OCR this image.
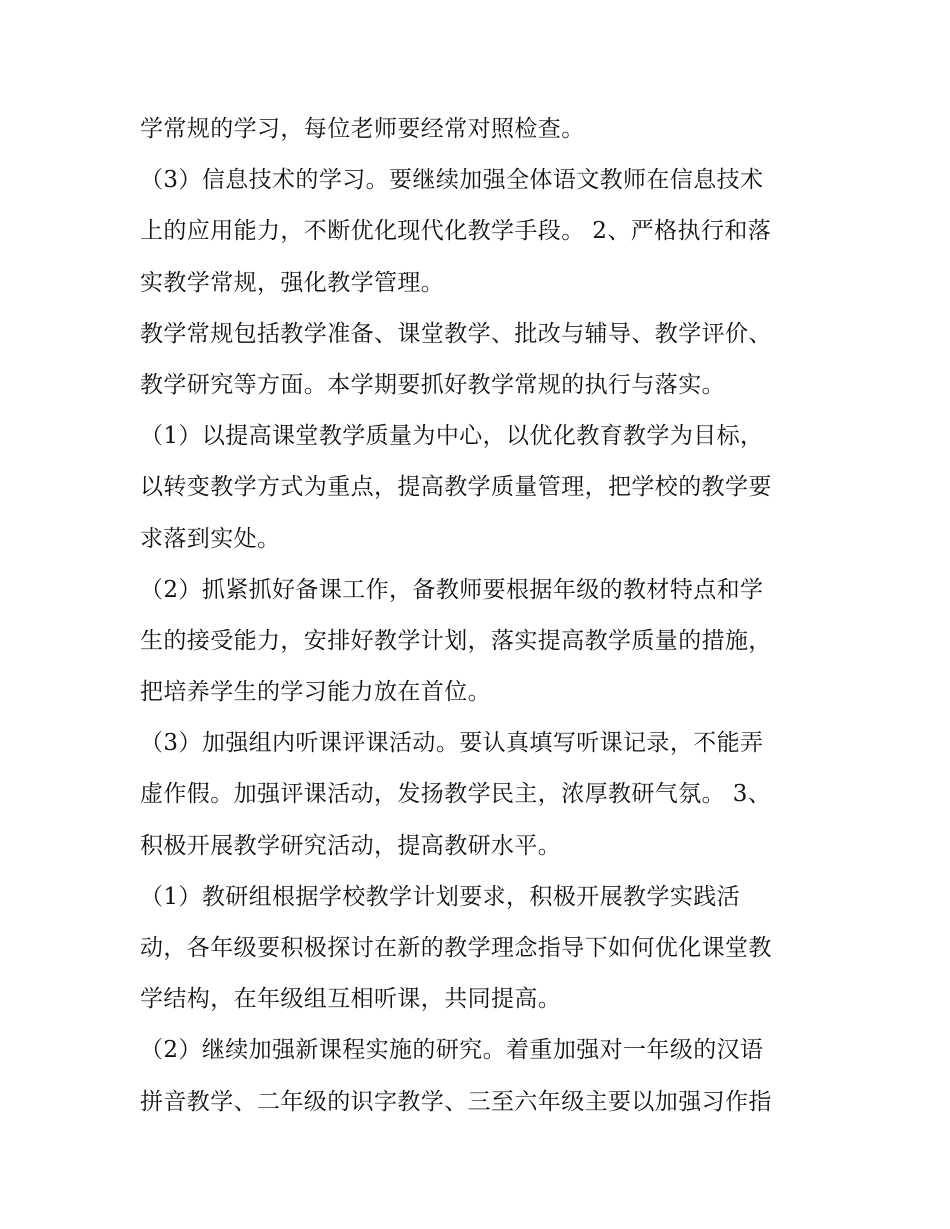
学常规的学习，每位老师要经常对照检查。
（3）信息技术的学习。要继续加强全体语文教师在信息技术
上的应用能力，不断优化现代化教学手段。 2、严格执行和落
实教学常规，强化教学管理。
教学常规包括教学准备、课堂教学、批改与辅导、教学评价、
教学研究等方面。本学期要抓好教学常规的执行与落实。
（1）以提高课堂教学质量为中心，以优化教育教学为目标，
以转变教学方式为重点，提高教学质量管理，把学校的教学要
求落到实处。
（2）抓紧抓好备课工作，备教师要根据年级的教材特点和学
生的接受能力，安排好教学计划，落实提高教学质量的措施，
把培养学生的学习能力放在首位。
（3）加强组内听课评课活动。要认真填写听课记录，不能弄
虚作假。加强评课活动，发扬教学民主，浓厚教研气氛。 3、
积极开展教学研究活动，提高教研水平。
（1）教研组根据学校教学计划要求，积极开展教学实践活
动，各年级要积极探讨在新的教学理念指导下如何优化课堂教
学结构，在年级组互相听课，共同提高。
（2）继续加强新课程实施的研究。着重加强对一年级的汉语
拼音教学、二年级的识字教学、三至六年级主要以加强习作指
